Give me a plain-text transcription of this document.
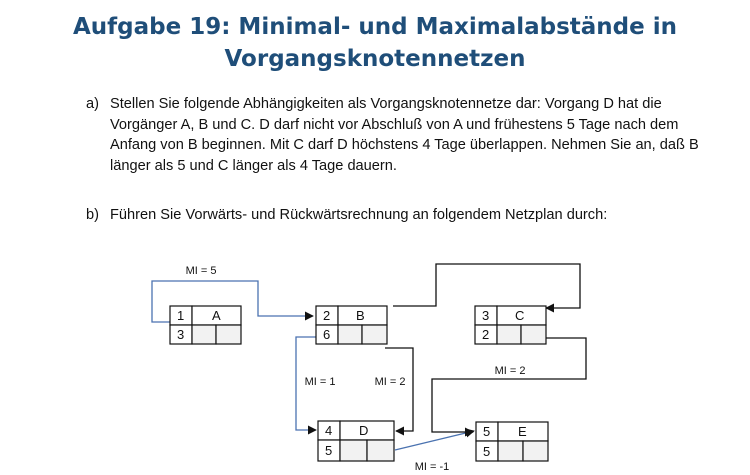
Aufgabe 19: Minimal- und Maximalabstände in
Vorgangsknotennetzen
a) Stellen Sie folgende Abhängigkeiten als Vorgangsknotennetze dar: Vorgang D hat die Vorgänger A, B und C. D darf nicht vor Abschluß von A und frühestens 5 Tage nach dem Anfang von B beginnen. Mit C darf D höchstens 4 Tage überlappen. Nehmen Sie an, daß B länger als 5 und C länger als 4 Tage dauern.
b) Führen Sie Vorwärts- und Rückwärtsrechnung an folgendem Netzplan durch:
MI = 5
MI = 1	MI = 2
MI = 2
MI = -1
1 A
3
2 B
6
3 C
2
4 D
5
5 E
5
